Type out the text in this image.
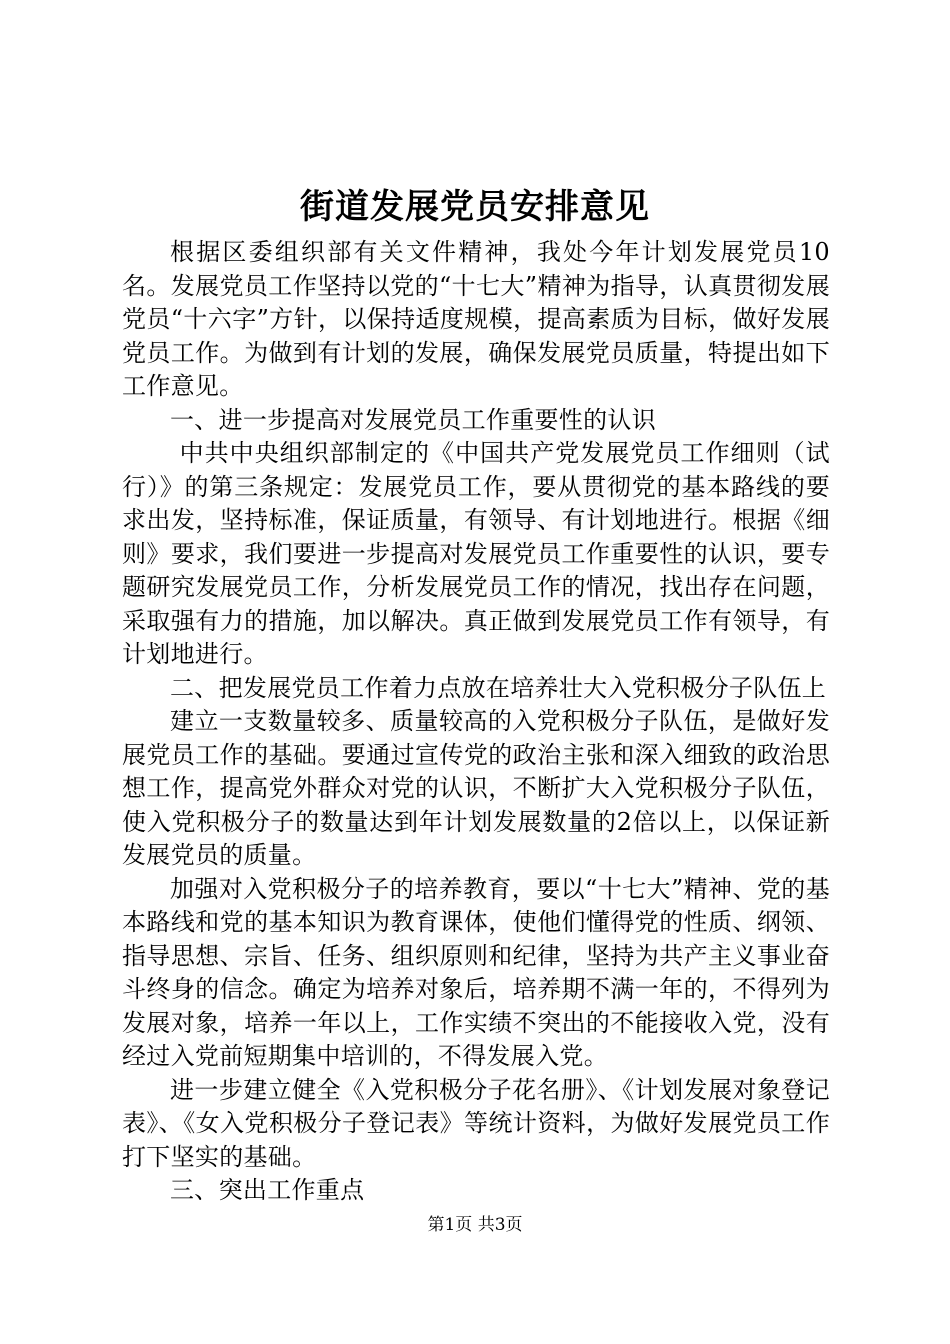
街道发展党员安排意见

根据区委组织部有关文件精神，我处今年计划发展党员10名。发展党员工作坚持以党的“十七大”精神为指导，认真贯彻发展党员“十六字”方针，以保持适度规模，提高素质为目标，做好发展党员工作。为做到有计划的发展，确保发展党员质量，特提出如下工作意见。

一、进一步提高对发展党员工作重要性的认识

中共中央组织部制定的《中国共产党发展党员工作细则（试行）》的第三条规定：发展党员工作，要从贯彻党的基本路线的要求出发，坚持标准，保证质量，有领导、有计划地进行。根据《细则》要求，我们要进一步提高对发展党员工作重要性的认识，要专题研究发展党员工作，分析发展党员工作的情况，找出存在问题，采取强有力的措施，加以解决。真正做到发展党员工作有领导，有计划地进行。

二、把发展党员工作着力点放在培养壮大入党积极分子队伍上

建立一支数量较多、质量较高的入党积极分子队伍，是做好发展党员工作的基础。要通过宣传党的政治主张和深入细致的政治思想工作，提高党外群众对党的认识，不断扩大入党积极分子队伍，使入党积极分子的数量达到年计划发展数量的2倍以上，以保证新发展党员的质量。

加强对入党积极分子的培养教育，要以“十七大”精神、党的基本路线和党的基本知识为教育课体，使他们懂得党的性质、纲领、指导思想、宗旨、任务、组织原则和纪律，坚持为共产主义事业奋斗终身的信念。确定为培养对象后，培养期不满一年的，不得列为发展对象，培养一年以上，工作实绩不突出的不能接收入党，没有经过入党前短期集中培训的，不得发展入党。

进一步建立健全《入党积极分子花名册》、《计划发展对象登记表》、《女入党积极分子登记表》等统计资料，为做好发展党员工作打下坚实的基础。

三、突出工作重点

第1页 共3页
